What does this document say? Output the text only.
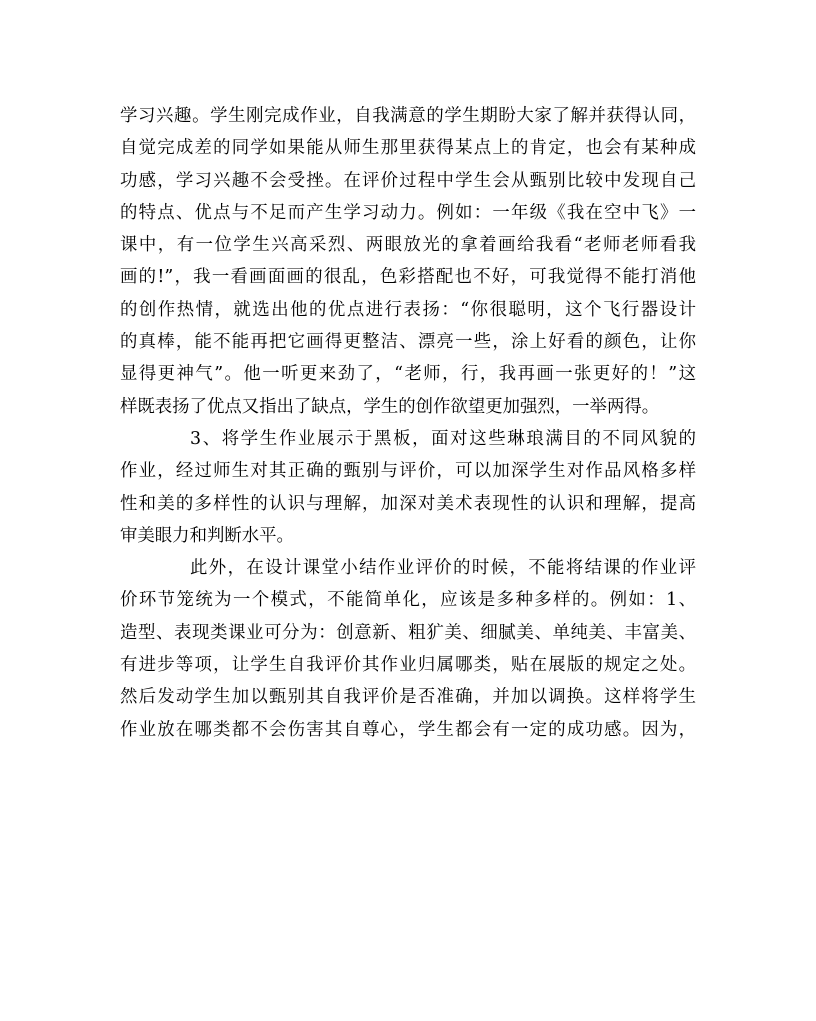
学习兴趣。学生刚完成作业，自我满意的学生期盼大家了解并获得认同，
自觉完成差的同学如果能从师生那里获得某点上的肯定，也会有某种成
功感，学习兴趣不会受挫。在评价过程中学生会从甄别比较中发现自己
的特点、优点与不足而产生学习动力。例如：一年级《我在空中飞》一
课中，有一位学生兴高采烈、两眼放光的拿着画给我看“老师老师看我
画的!”，我一看画面画的很乱，色彩搭配也不好，可我觉得不能打消他
的创作热情，就选出他的优点进行表扬：“你很聪明，这个飞行器设计
的真棒，能不能再把它画得更整洁、漂亮一些，涂上好看的颜色，让你
显得更神气”。他一听更来劲了，“老师，行，我再画一张更好的！”这
样既表扬了优点又指出了缺点，学生的创作欲望更加强烈，一举两得。
3、将学生作业展示于黑板，面对这些琳琅满目的不同风貌的
作业，经过师生对其正确的甄别与评价，可以加深学生对作品风格多样
性和美的多样性的认识与理解，加深对美术表现性的认识和理解，提高
审美眼力和判断水平。
此外，在设计课堂小结作业评价的时候，不能将结课的作业评
价环节笼统为一个模式，不能简单化，应该是多种多样的。例如：1、
造型、表现类课业可分为：创意新、粗犷美、细腻美、单纯美、丰富美、
有进步等项，让学生自我评价其作业归属哪类，贴在展版的规定之处。
然后发动学生加以甄别其自我评价是否准确，并加以调换。这样将学生
作业放在哪类都不会伤害其自尊心，学生都会有一定的成功感。因为，
